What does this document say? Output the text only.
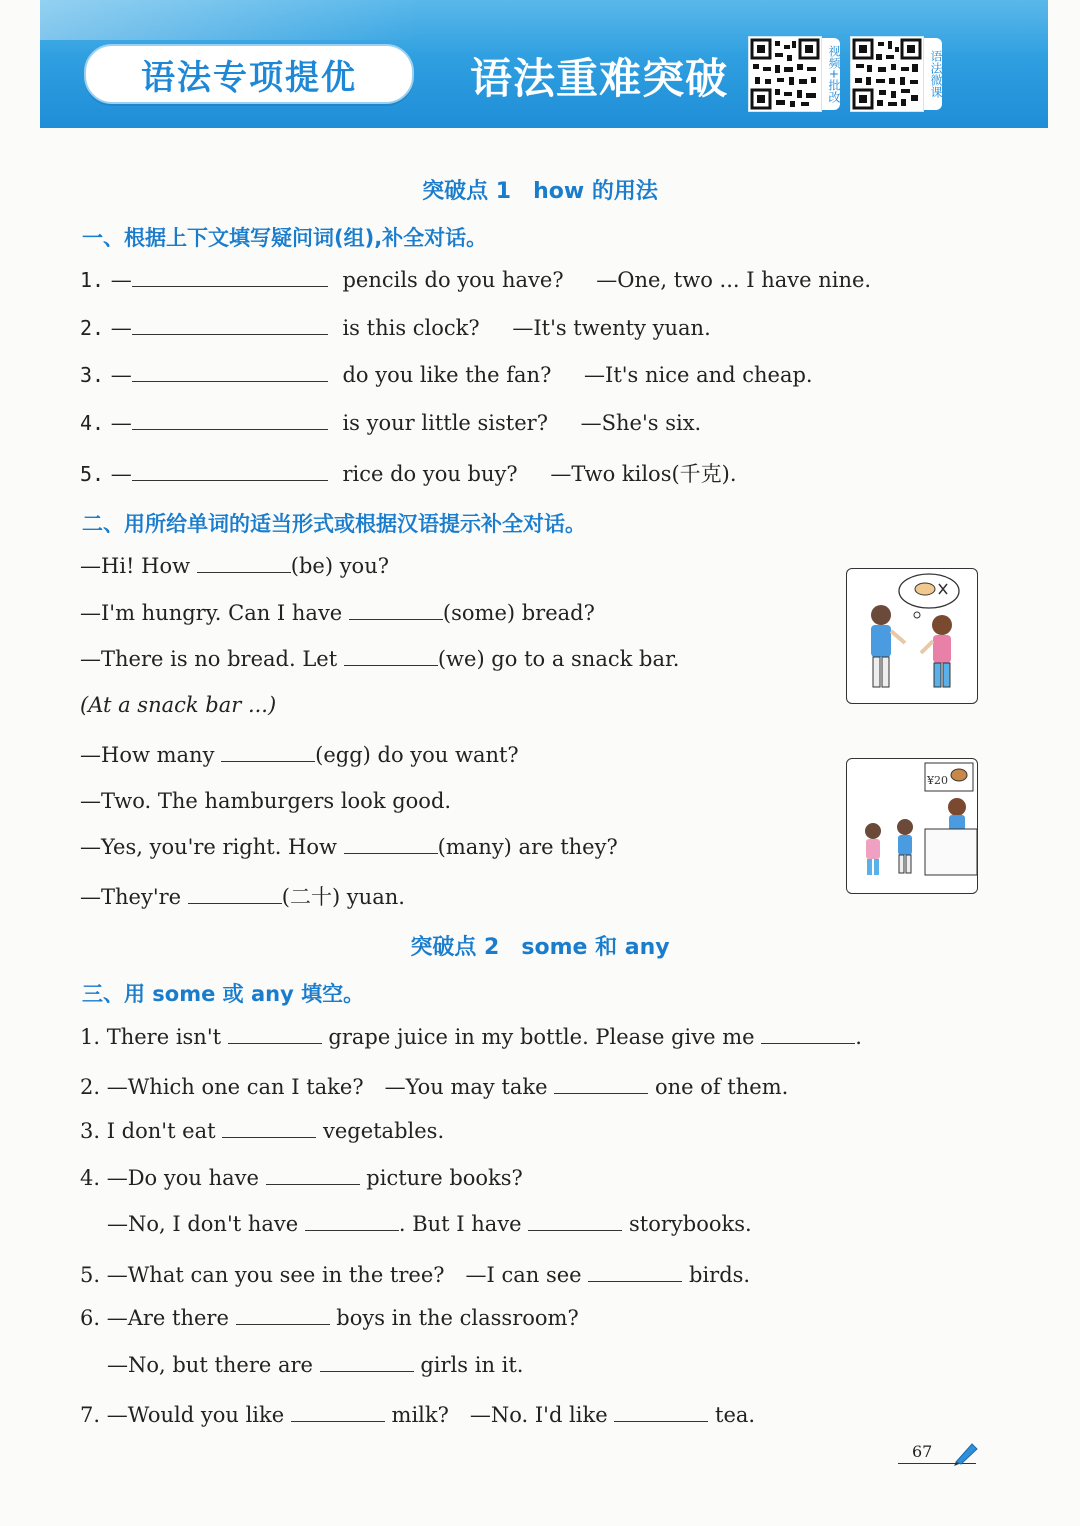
语法专项提优	语法重难突破	视频+批改	语法微课
突破点 1　how 的用法
一、根据上下文填写疑问词(组),补全对话。
1. —	pencils do you have? —One, two ... I have nine.
2. —	is this clock? —It's twenty yuan.
3. —	do you like the fan? —It's nice and cheap.
4. —	is your little sister? —She's six.
5. —	rice do you buy? —Two kilos(千克).
二、用所给单词的适当形式或根据汉语提示补全对话。
—Hi! How	(be) you?
—I'm hungry. Can I have	(some) bread?
—There is no bread. Let	(we) go to a snack bar.
(At a snack bar ...)
—How many	(egg) do you want?
—Two. The hamburgers look good.
—Yes, you're right. How	(many) are they?
—They're	(二十) yuan.
¥20
突破点 2　some 和 any
三、用 some 或 any 填空。
1. There isn't	grape juice in my bottle. Please give me	.
2. —Which one can I take?　—You may take	one of them.
3. I don't eat	vegetables.
4. —Do you have	picture books?
—No, I don't have	. But I have	storybooks.
5. —What can you see in the tree?　—I can see	birds.
6. —Are there	boys in the classroom?
—No, but there are	girls in it.
7. —Would you like	milk?　—No. I'd like	tea.
67
